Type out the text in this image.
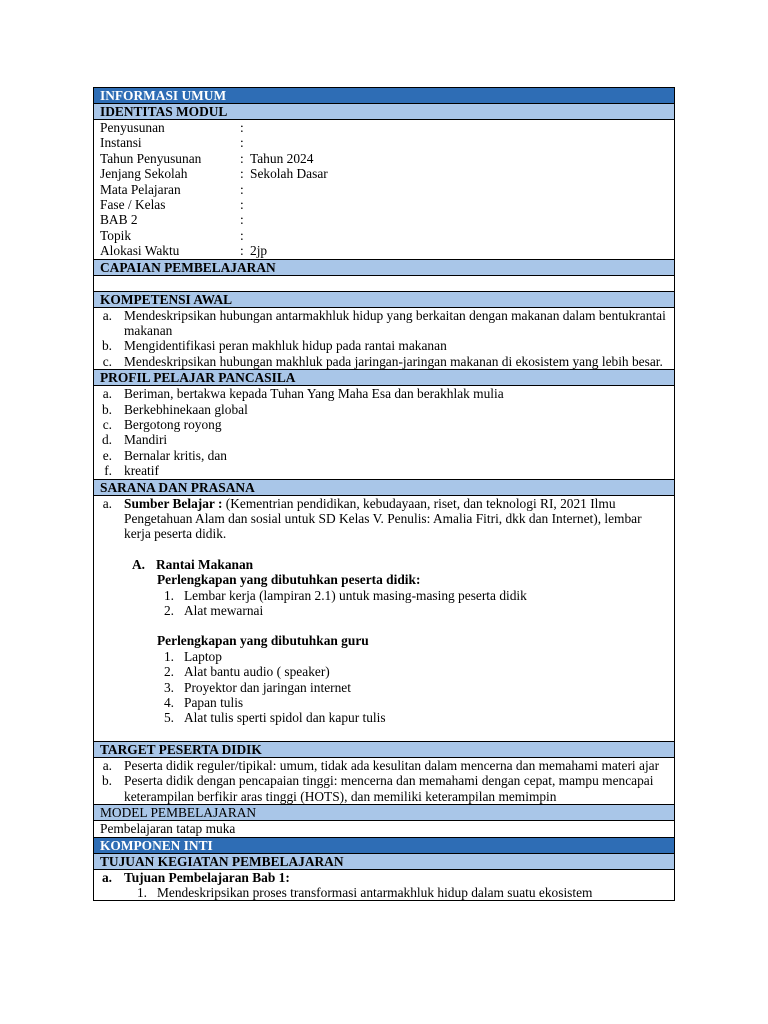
INFORMASI UMUM
IDENTITAS MODUL
Penyusunan	:
Instansi	:
Tahun Penyusunan	: Tahun 2024
Jenjang Sekolah	: Sekolah Dasar
Mata Pelajaran	:
Fase / Kelas	:
BAB 2	:
Topik	:
Alokasi Waktu	: 2jp
CAPAIAN PEMBELAJARAN
KOMPETENSI AWAL
a. Mendeskripsikan hubungan antarmakhluk hidup yang berkaitan dengan makanan dalam bentukrantai makanan
b. Mengidentifikasi peran makhluk hidup pada rantai makanan
c. Mendeskripsikan hubungan makhluk pada jaringan-jaringan makanan di ekosistem yang lebih besar.
PROFIL PELAJAR PANCASILA
a. Beriman, bertakwa kepada Tuhan Yang Maha Esa dan berakhlak mulia
b. Berkebhinekaan global
c. Bergotong royong
d. Mandiri
e. Bernalar kritis, dan
f. kreatif
SARANA DAN PRASANA
a. Sumber Belajar : (Kementrian pendidikan, kebudayaan, riset, dan teknologi RI, 2021 Ilmu Pengetahuan Alam dan sosial untuk SD Kelas V. Penulis: Amalia Fitri, dkk dan Internet), lembar kerja peserta didik.
A. Rantai Makanan
Perlengkapan yang dibutuhkan peserta didik:
1. Lembar kerja (lampiran 2.1) untuk masing-masing peserta didik
2. Alat mewarnai
Perlengkapan yang dibutuhkan guru
1. Laptop
2. Alat bantu audio ( speaker)
3. Proyektor dan jaringan internet
4. Papan tulis
5. Alat tulis sperti spidol dan kapur tulis
TARGET PESERTA DIDIK
a. Peserta didik reguler/tipikal: umum, tidak ada kesulitan dalam mencerna dan memahami materi ajar
b. Peserta didik dengan pencapaian tinggi: mencerna dan memahami dengan cepat, mampu mencapai keterampilan berfikir aras tinggi (HOTS), dan memiliki keterampilan memimpin
MODEL PEMBELAJARAN
Pembelajaran tatap muka
KOMPONEN INTI
TUJUAN KEGIATAN PEMBELAJARAN
a. Tujuan Pembelajaran Bab 1:
1. Mendeskripsikan proses transformasi antarmakhluk hidup dalam suatu ekosistem
